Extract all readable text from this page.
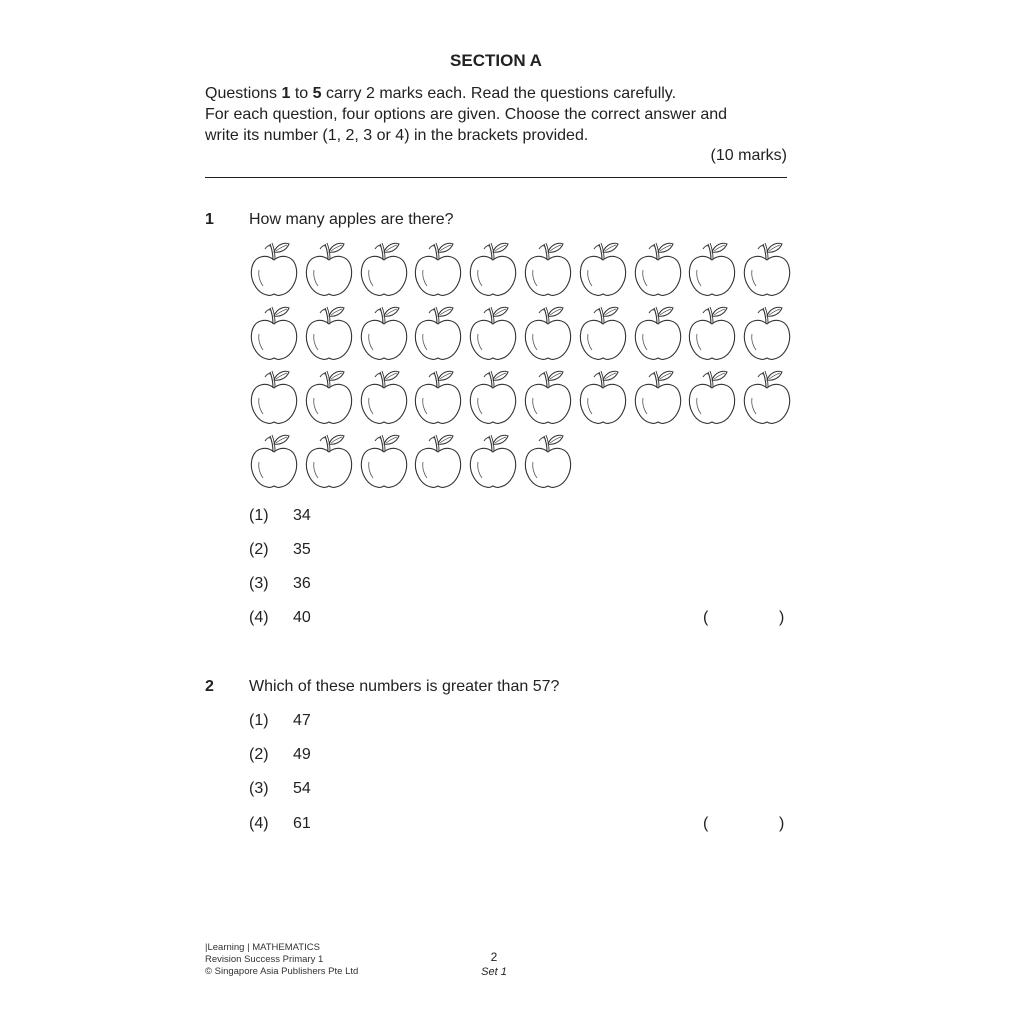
SECTION A

Questions 1 to 5 carry 2 marks each. Read the questions carefully.

For each question, four options are given. Choose the correct answer and

write its number (1, 2, 3 or 4) in the brackets provided.

(10 marks)
1 How many apples are there?
(1) 34
(2) 35
(3) 36
(4) 40	(	)
2 Which of these numbers is greater than 57?
(1) 47
(2) 49
(3) 54
(4) 61	(	)
|Learning | MATHEMATICS
Revision Success Primary 1
© Singapore Asia Publishers Pte Ltd
2
Set 1
